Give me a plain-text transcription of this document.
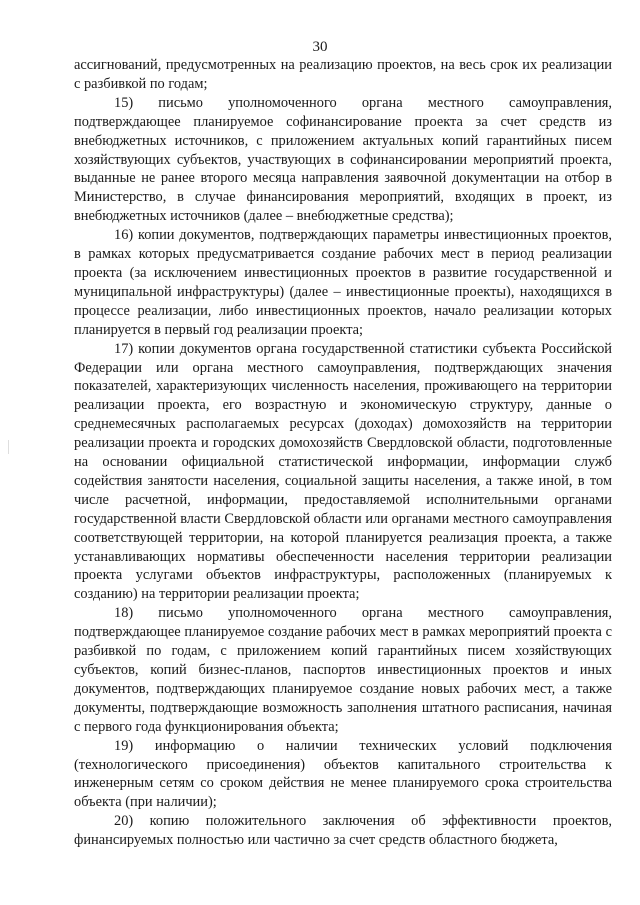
30

ассигнований, предусмотренных на реализацию проектов, на весь срок их реализации с разбивкой по годам;

15) письмо уполномоченного органа местного самоуправления, подтверждающее планируемое софинансирование проекта за счет средств из внебюджетных источников, с приложением актуальных копий гарантийных писем хозяйствующих субъектов, участвующих в софинансировании мероприятий проекта, выданные не ранее второго месяца направления заявочной документации на отбор в Министерство, в случае финансирования мероприятий, входящих в проект, из внебюджетных источников (далее – внебюджетные средства);

16) копии документов, подтверждающих параметры инвестиционных проектов, в рамках которых предусматривается создание рабочих мест в период реализации проекта (за исключением инвестиционных проектов в развитие государственной и муниципальной инфраструктуры) (далее – инвестиционные проекты), находящихся в процессе реализации, либо инвестиционных проектов, начало реализации которых планируется в первый год реализации проекта;

17) копии документов органа государственной статистики субъекта Российской Федерации или органа местного самоуправления, подтверждающих значения показателей, характеризующих численность населения, проживающего на территории реализации проекта, его возрастную и экономическую структуру, данные о среднемесячных располагаемых ресурсах (доходах) домохозяйств на территории реализации проекта и городских домохозяйств Свердловской области, подготовленные на основании официальной статистической информации, информации служб содействия занятости населения, социальной защиты населения, а также иной, в том числе расчетной, информации, предоставляемой исполнительными органами государственной власти Свердловской области или органами местного самоуправления соответствующей территории, на которой планируется реализация проекта, а также устанавливающих нормативы обеспеченности населения территории реализации проекта услугами объектов инфраструктуры, расположенных (планируемых к созданию) на территории реализации проекта;

18) письмо уполномоченного органа местного самоуправления, подтверждающее планируемое создание рабочих мест в рамках мероприятий проекта с разбивкой по годам, с приложением копий гарантийных писем хозяйствующих субъектов, копий бизнес-планов, паспортов инвестиционных проектов и иных документов, подтверждающих планируемое создание новых рабочих мест, а также документы, подтверждающие возможность заполнения штатного расписания, начиная с первого года функционирования объекта;

19) информацию о наличии технических условий подключения (технологического присоединения) объектов капитального строительства к инженерным сетям со сроком действия не менее планируемого срока строительства объекта (при наличии);

20) копию положительного заключения об эффективности проектов, финансируемых полностью или частично за счет средств областного бюджета,
